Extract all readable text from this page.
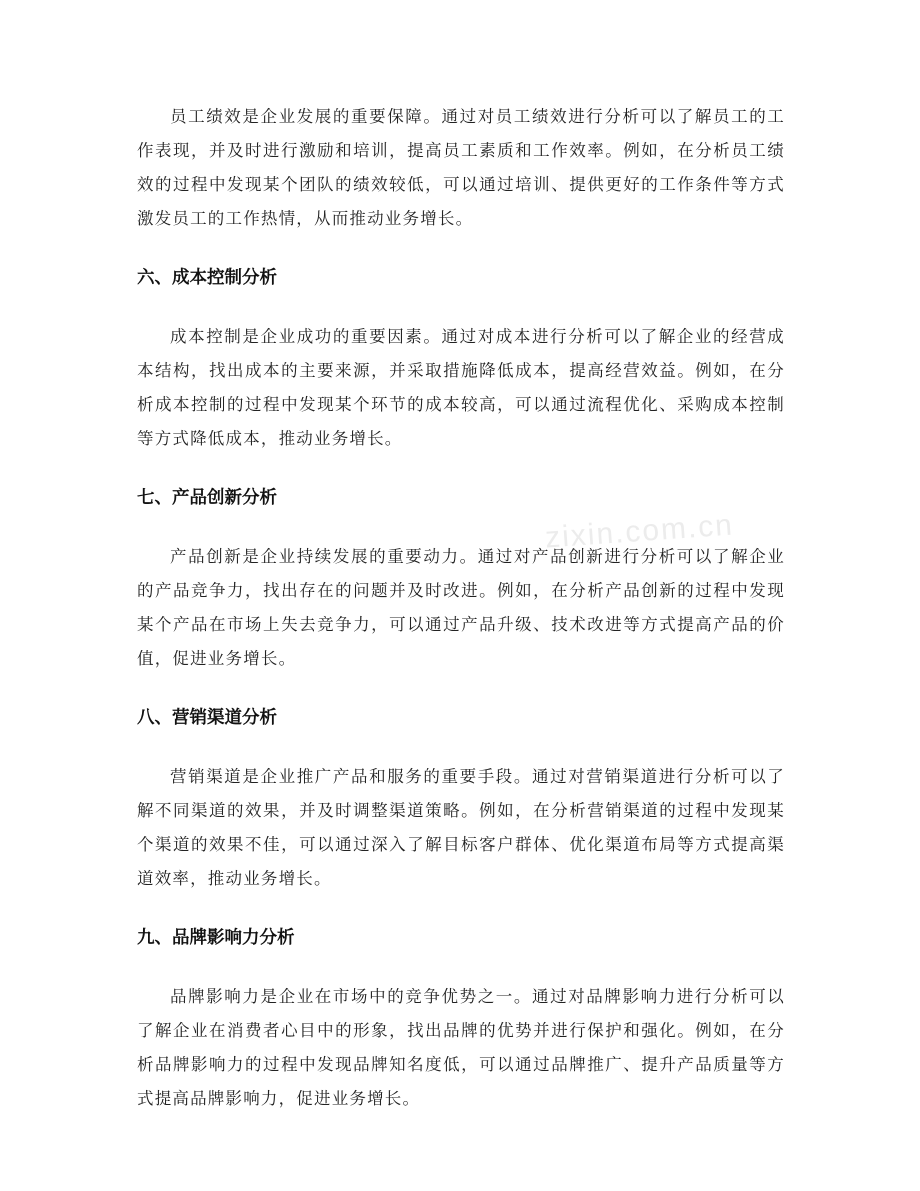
员工绩效是企业发展的重要保障。通过对员工绩效进行分析可以了解员工的工作表现，并及时进行激励和培训，提高员工素质和工作效率。例如，在分析员工绩效的过程中发现某个团队的绩效较低，可以通过培训、提供更好的工作条件等方式激发员工的工作热情，从而推动业务增长。

六、成本控制分析

成本控制是企业成功的重要因素。通过对成本进行分析可以了解企业的经营成本结构，找出成本的主要来源，并采取措施降低成本，提高经营效益。例如，在分析成本控制的过程中发现某个环节的成本较高，可以通过流程优化、采购成本控制等方式降低成本，推动业务增长。

七、产品创新分析

产品创新是企业持续发展的重要动力。通过对产品创新进行分析可以了解企业的产品竞争力，找出存在的问题并及时改进。例如，在分析产品创新的过程中发现某个产品在市场上失去竞争力，可以通过产品升级、技术改进等方式提高产品的价值，促进业务增长。

八、营销渠道分析

营销渠道是企业推广产品和服务的重要手段。通过对营销渠道进行分析可以了解不同渠道的效果，并及时调整渠道策略。例如，在分析营销渠道的过程中发现某个渠道的效果不佳，可以通过深入了解目标客户群体、优化渠道布局等方式提高渠道效率，推动业务增长。

九、品牌影响力分析

品牌影响力是企业在市场中的竞争优势之一。通过对品牌影响力进行分析可以了解企业在消费者心目中的形象，找出品牌的优势并进行保护和强化。例如，在分析品牌影响力的过程中发现品牌知名度低，可以通过品牌推广、提升产品质量等方式提高品牌影响力，促进业务增长。

zixin.com.cn
